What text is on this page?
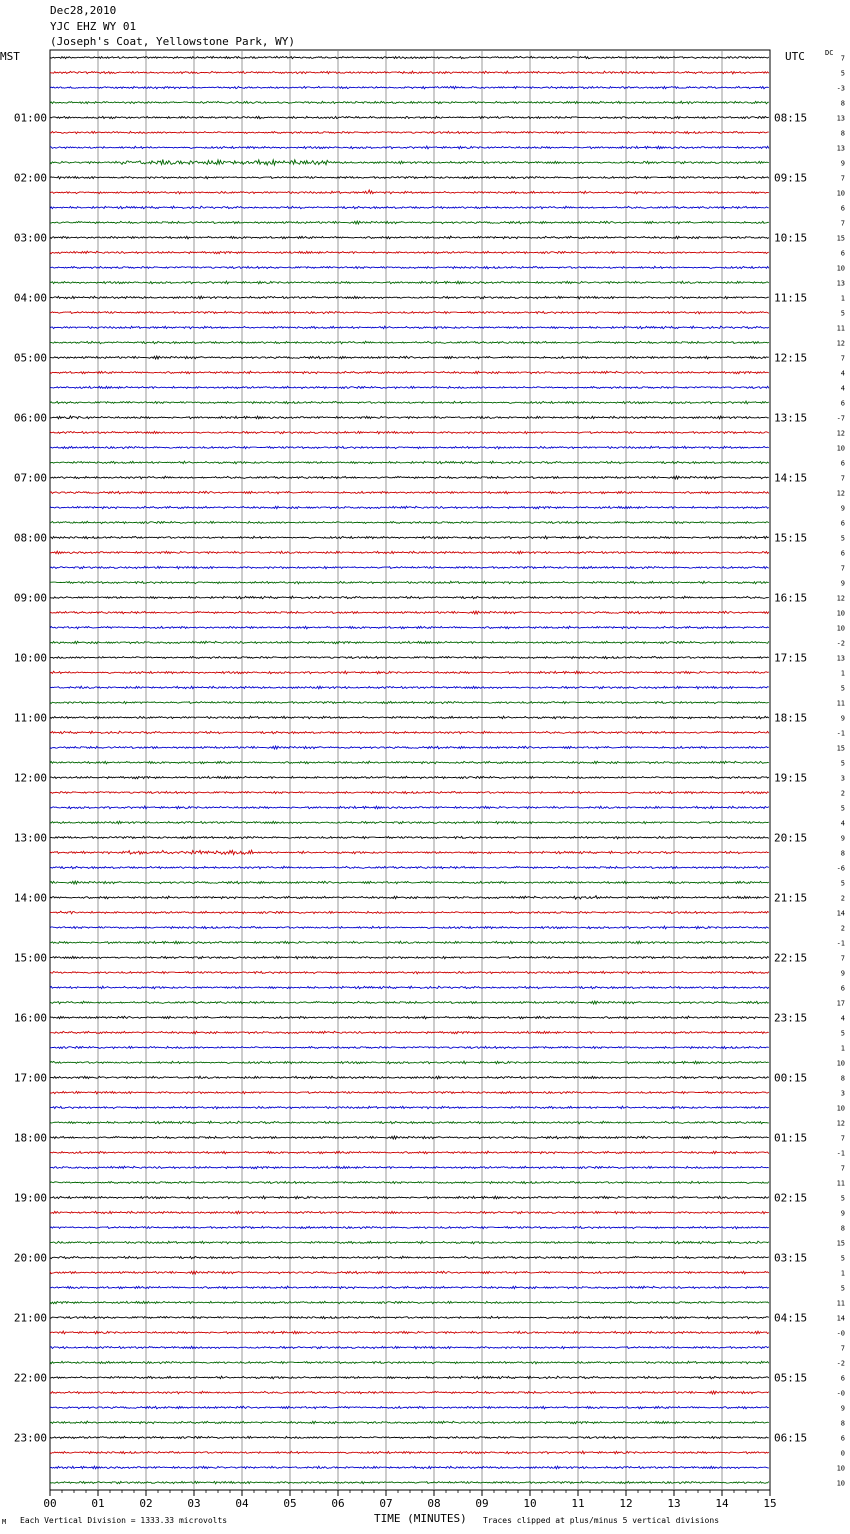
Dec28,2010
YJC EHZ WY 01
(Joseph's Coat, Yellowstone Park, WY)
MST	UTC	DC
01:00
02:00
03:00
04:00
05:00
06:00
07:00
08:00
09:00
10:00
11:00
12:00
13:00
14:00
15:00
16:00
17:00
18:00
19:00
20:00
21:00
22:00
23:00
08:15
09:15
10:15
11:15
12:15
13:15
14:15
15:15
16:15
17:15
18:15
19:15
20:15
21:15
22:15
23:15
00:15
01:15
02:15
03:15
04:15
05:15
06:15
7
5
-3
8
13
8
13
9
7
10
6
7
15
6
10
13
1
5
11
12
7
4
4
6
-7
12
10
6
7
12
9
6
5
6
7
9
12
10
10
-2
13
1
5
11
9
-1
15
5
3
2
5
4
9
8
-6
5
2
14
2
-1
7
9
6
17
4
5
1
10
8
3
10
12
7
-1
7
11
5
9
8
15
5
1
5
11
14
-0
7
-2
6
-0
9
8
6
0
10
10
00	01	02	03	04	05	06	07	08	09	10	11	12	13	14	15
M Each Vertical Division = 1333.33 microvolts	TIME (MINUTES) Traces clipped at plus/minus 5 vertical divisions
